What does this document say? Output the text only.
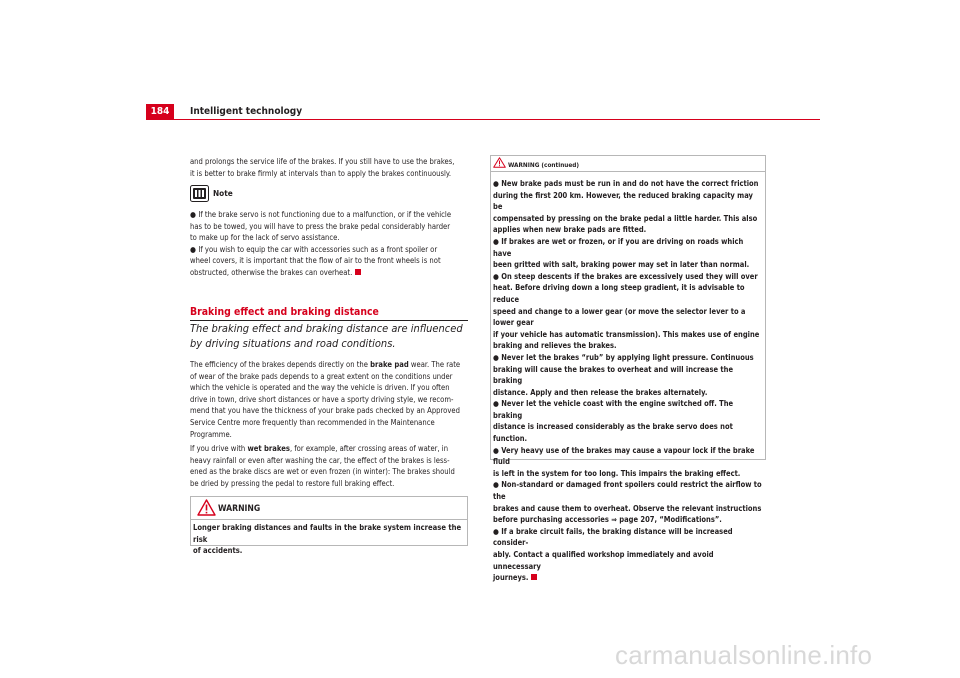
184	Intelligent technology

and prolongs the service life of the brakes. If you still have to use the brakes,

it is better to brake firmly at intervals than to apply the brakes continuously.

Note

● If the brake servo is not functioning due to a malfunction, or if the vehicle

has to be towed, you will have to press the brake pedal considerably harder

to make up for the lack of servo assistance.

● If you wish to equip the car with accessories such as a front spoiler or

wheel covers, it is important that the flow of air to the front wheels is not

obstructed, otherwise the brakes can overheat.

Braking effect and braking distance
The braking effect and braking distance are influenced by driving situations and road conditions.

The efficiency of the brakes depends directly on the brake pad wear. The rate

of wear of the brake pads depends to a great extent on the conditions under

which the vehicle is operated and the way the vehicle is driven. If you often

drive in town, drive short distances or have a sporty driving style, we recom-

mend that you have the thickness of your brake pads checked by an Approved

Service Centre more frequently than recommended in the Maintenance

Programme.

If you drive with wet brakes, for example, after crossing areas of water, in

heavy rainfall or even after washing the car, the effect of the brakes is less-

ened as the brake discs are wet or even frozen (in winter): The brakes should

be dried by pressing the pedal to restore full braking effect.

WARNING
Longer braking distances and faults in the brake system increase the risk
of accidents.
WARNING (continued)

● New brake pads must be run in and do not have the correct friction

during the first 200 km. However, the reduced braking capacity may be

compensated by pressing on the brake pedal a little harder. This also

applies when new brake pads are fitted.

● If brakes are wet or frozen, or if you are driving on roads which have

been gritted with salt, braking power may set in later than normal.

● On steep descents if the brakes are excessively used they will over

heat. Before driving down a long steep gradient, it is advisable to reduce

speed and change to a lower gear (or move the selector lever to a lower gear

if your vehicle has automatic transmission). This makes use of engine

braking and relieves the brakes.

● Never let the brakes “rub” by applying light pressure. Continuous

braking will cause the brakes to overheat and will increase the braking

distance. Apply and then release the brakes alternately.

● Never let the vehicle coast with the engine switched off. The braking

distance is increased considerably as the brake servo does not function.

● Very heavy use of the brakes may cause a vapour lock if the brake fluid

is left in the system for too long. This impairs the braking effect.

● Non-standard or damaged front spoilers could restrict the airflow to the

brakes and cause them to overheat. Observe the relevant instructions

before purchasing accessories ⇒ page 207, “Modifications”.

● If a brake circuit fails, the braking distance will be increased consider-

ably. Contact a qualified workshop immediately and avoid unnecessary

journeys.

carmanualsonline.info
